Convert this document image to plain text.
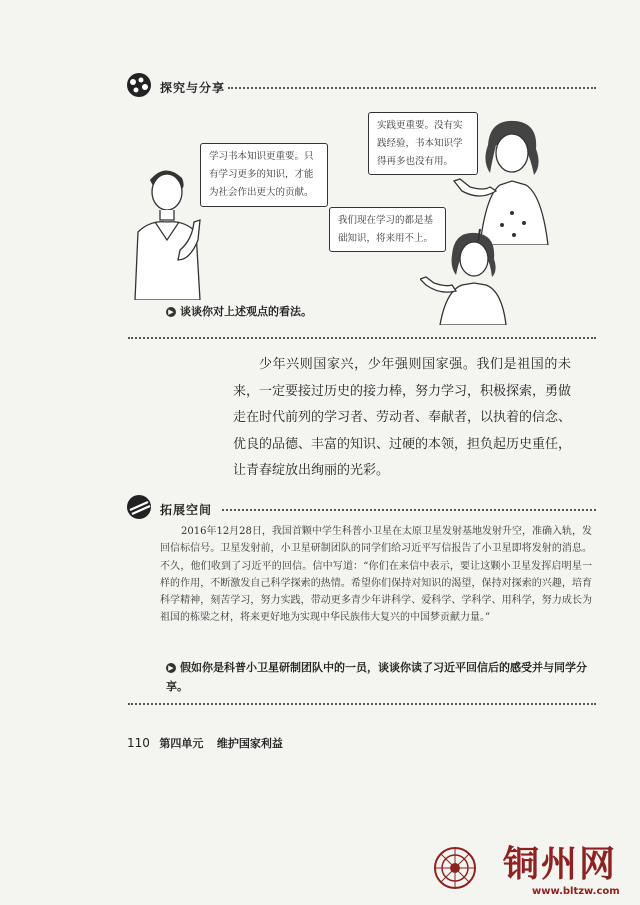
探究与分享
学习书本知识更重要。只有学习更多的知识，才能为社会作出更大的贡献。
实践更重要。没有实践经验，书本知识学得再多也没有用。
我们现在学习的都是基础知识，将来用不上。
▶ 谈谈你对上述观点的看法。
少年兴则国家兴，少年强则国家强。我们是祖国的未来，一定要接过历史的接力棒，努力学习，积极探索，勇做走在时代前列的学习者、劳动者、奉献者，以执着的信念、优良的品德、丰富的知识、过硬的本领，担负起历史重任，让青春绽放出绚丽的光彩。
拓展空间
2016年12月28日，我国首颗中学生科普小卫星在太原卫星发射基地发射升空，准确入轨，发回信标信号。卫星发射前，小卫星研制团队的同学们给习近平写信报告了小卫星即将发射的消息。不久，他们收到了习近平的回信。信中写道：“你们在来信中表示，要让这颗小卫星发挥启明星一样的作用，不断激发自己科学探索的热情。希望你们保持对知识的渴望，保持对探索的兴趣，培育科学精神，刻苦学习，努力实践，带动更多青少年讲科学、爱科学、学科学、用科学，努力成长为祖国的栋梁之材，将来更好地为实现中华民族伟大复兴的中国梦贡献力量。”
▶ 假如你是科普小卫星研制团队中的一员，谈谈你读了习近平回信后的感受并与同学分享。
110 第四单元 维护国家利益
铜州网
www.bltzw.com
